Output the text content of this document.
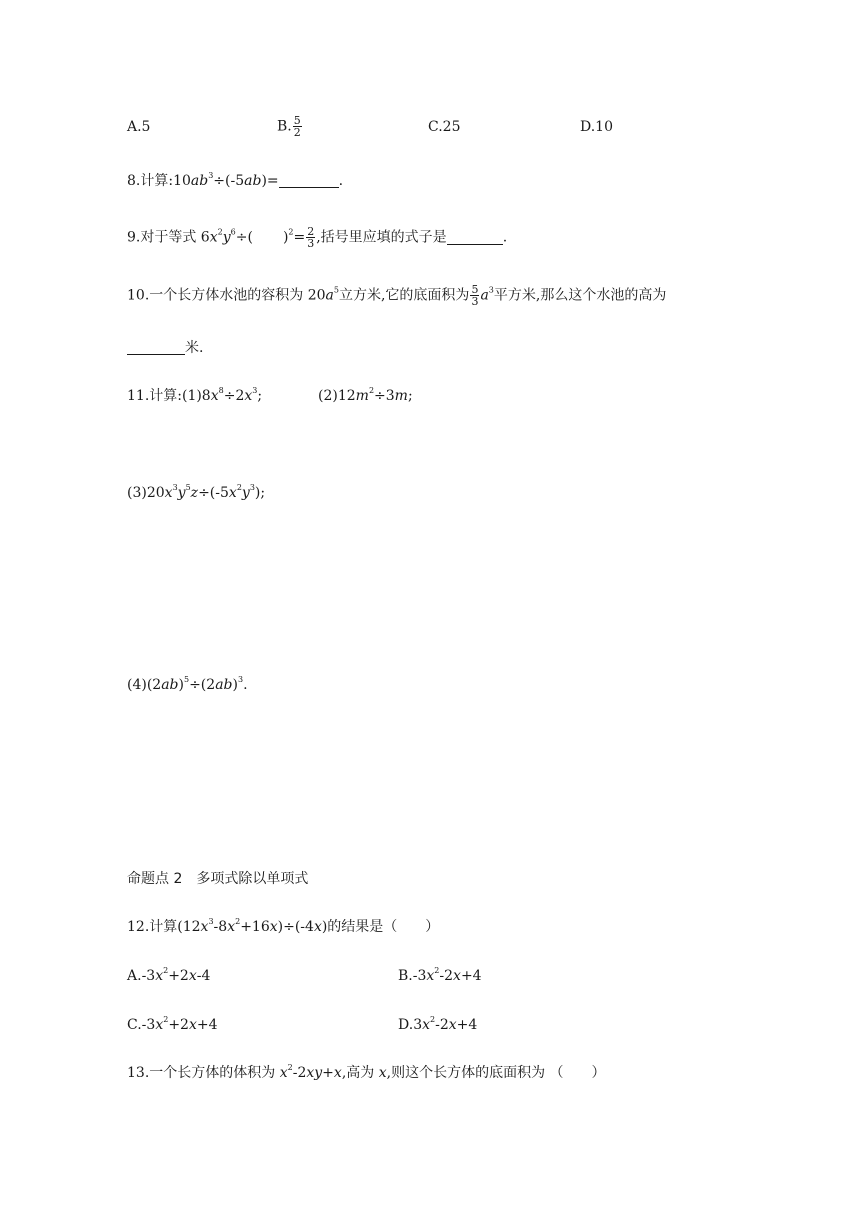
A.5	B. $\frac{5}{2}$	C.25	D.10
8.计算$:10ab^3\div(-5ab)=$	.
9.对于等式 $6x^2y^6\div$( )$^2= \frac{2}{3}$ ,括号里应填的式子是	.
10.一个长方体水池的容积为 $20a^5$立方米,它的底面积为 $\frac{5}{3} a^3$平方米,那么这个水池的高为
米.
11.计算$:(1)8x^8\div 2x^3$;	$(2)12m^2\div 3m$;
$(3)20x^3y^5z\div(-5x^2y^3)$;
$(4)(2ab)^5\div(2ab)^3$.
命题点 2　多项式除以单项式
12.计算$(12x^3-8x^2+16x)\div(-4x)$的结果是（　　）
$A.-3x^2+2x-4$	$B.-3x^2-2x+4$
$C.-3x^2+2x+4$	$D.3x^2-2x+4$
13.一个长方体的体积为 $x^2-2xy+x$,高为 x,则这个长方体的底面积为 （　　）
